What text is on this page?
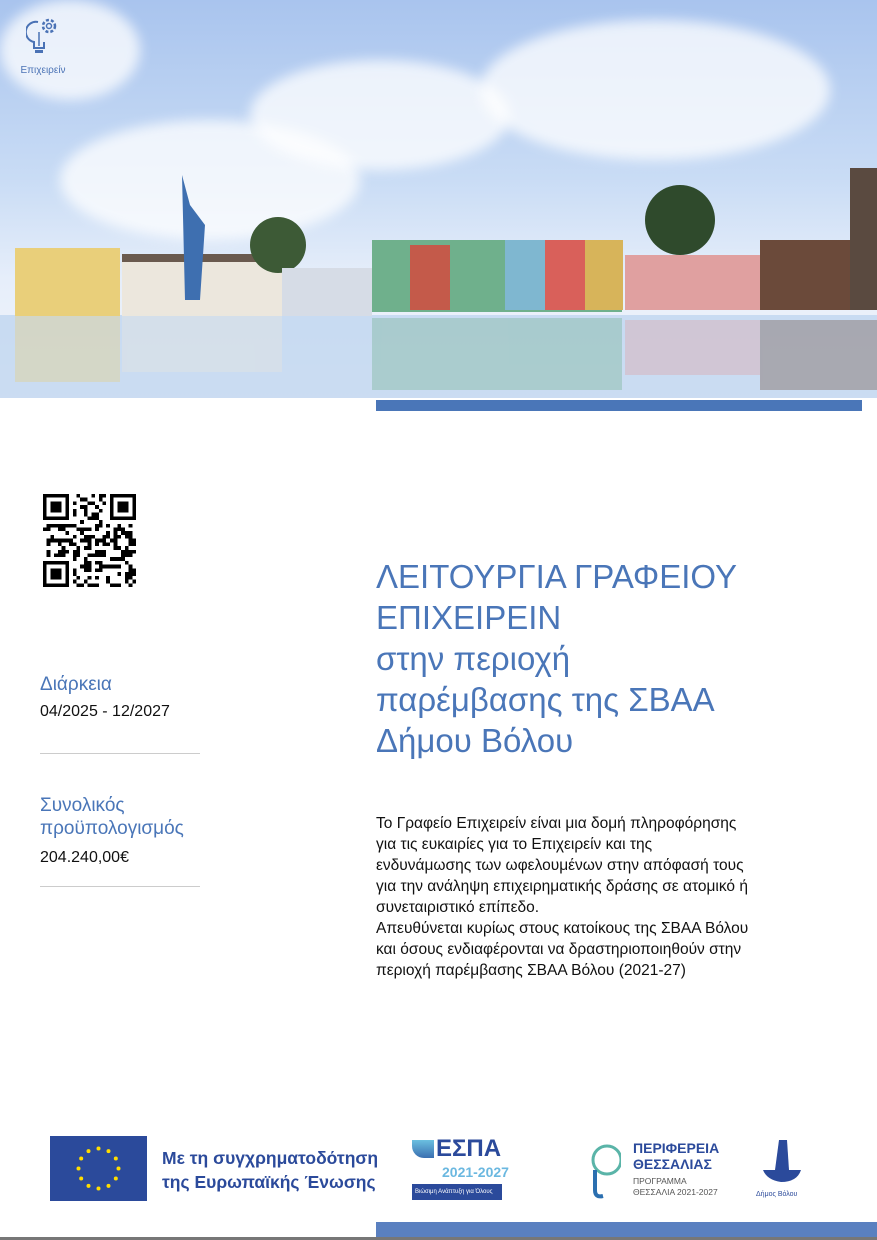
Επιχειρείν
Διάρκεια
04/2025 - 12/2027
Συνολικός
προϋπολογισμός
204.240,00€
ΛΕΙΤΟΥΡΓΙΑ ΓΡΑΦΕΙΟΥ
ΕΠΙΧΕΙΡΕΙΝ
στην περιοχή
παρέμβασης της ΣΒΑΑ
Δήμου Βόλου
Το Γραφείο Επιχειρείν είναι μια δομή πληροφόρησης
για τις ευκαιρίες για το Επιχειρείν και της
ενδυνάμωσης των ωφελουμένων στην απόφασή τους
για την ανάληψη επιχειρηματικής δράσης σε ατομικό ή
συνεταιριστικό επίπεδο.
Απευθύνεται κυρίως στους κατοίκους της ΣΒΑΑ Βόλου
και όσους ενδιαφέρονται να δραστηριοποιηθούν στην
περιοχή παρέμβασης ΣΒΑΑ Βόλου (2021-27)
Με τη συγχρηματοδότηση
της Ευρωπαϊκής Ένωσης
ΕΣΠΑ
2021-2027
Βιώσιμη Ανάπτυξη για Όλους
ΠΕΡΙΦΕΡΕΙΑ
ΘΕΣΣΑΛΙΑΣ
ΠΡΟΓΡΑΜΜΑ
ΘΕΣΣΑΛΙΑ 2021-2027	Δήμος Βόλου
